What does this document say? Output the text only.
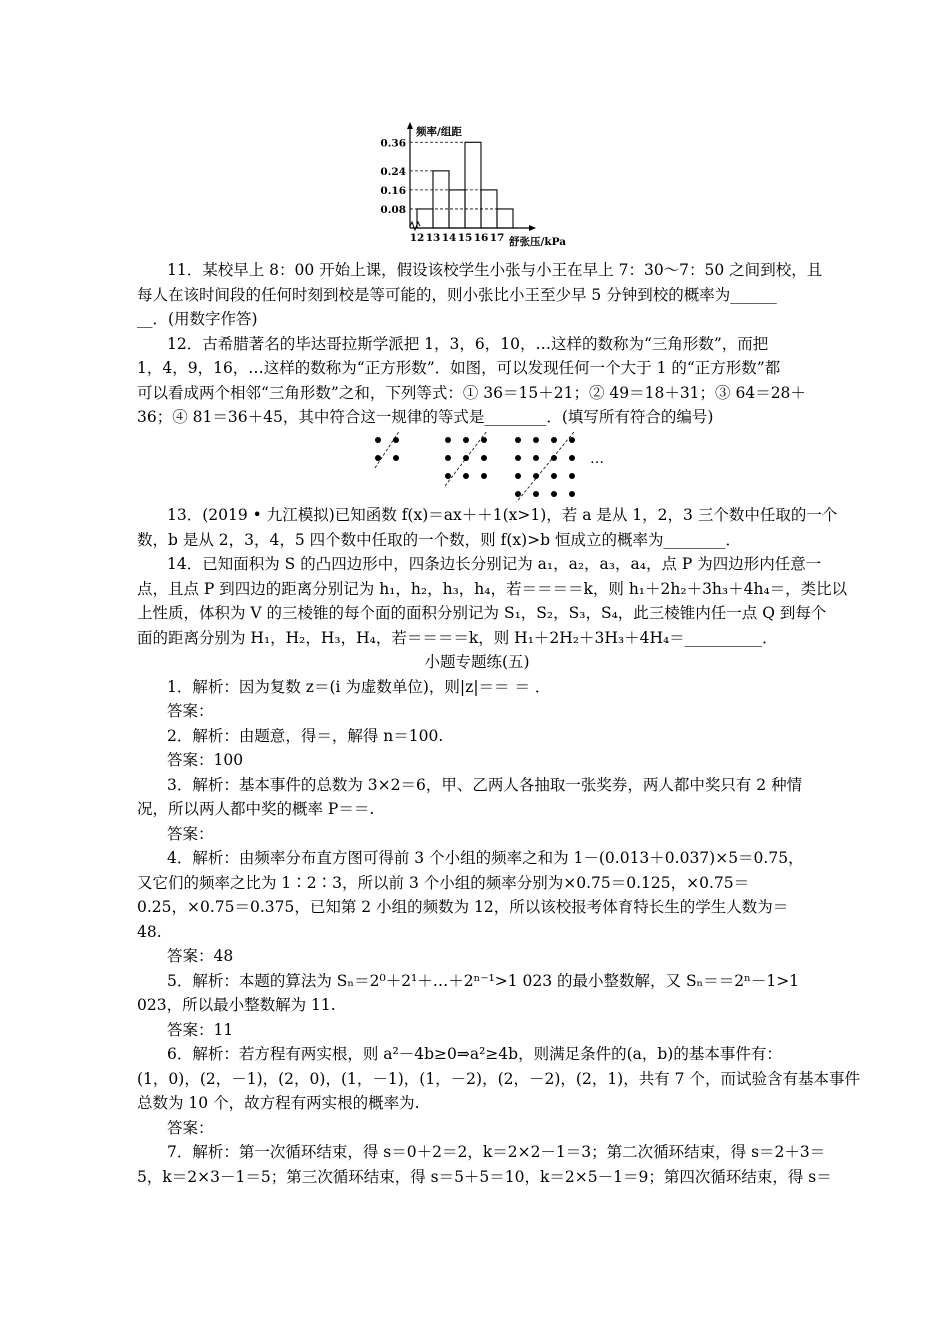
0.36
0.24
0.16
0.08
12 13 14 15 16 17
频率/组距
舒张压/kPa

11．某校早上 8：00 开始上课，假设该校学生小张与小王在早上 7：30～7：50 之间到校，且
每人在该时间段的任何时刻到校是等可能的，则小张比小王至少早 5 分钟到校的概率为______
__．(用数字作答)

12．古希腊著名的毕达哥拉斯学派把 1，3，6，10，…这样的数称为“三角形数”，而把
1，4，9，16，…这样的数称为“正方形数”．如图，可以发现任何一个大于 1 的“正方形数”都
可以看成两个相邻“三角形数”之和，下列等式：① 36＝15＋21；② 49＝18＋31；③ 64＝28＋
36；④ 81＝36＋45，其中符合这一规律的等式是________．(填写所有符合的编号)

…

13．(2019 • 九江模拟)已知函数 f(x)＝ax＋＋1(x>1)，若 a 是从 1，2，3 三个数中任取的一个
数，b 是从 2，3，4，5 四个数中任取的一个数，则 f(x)>b 恒成立的概率为________．

14．已知面积为 S 的凸四边形中，四条边长分别记为 a₁，a₂，a₃，a₄，点 P 为四边形内任意一
点，且点 P 到四边的距离分别记为 h₁，h₂，h₃，h₄，若＝＝＝＝k，则 h₁＋2h₂＋3h₃＋4h₄＝，类比以
上性质，体积为 V 的三棱锥的每个面的面积分别记为 S₁，S₂，S₃，S₄，此三棱锥内任一点 Q 到每个
面的距离分别为 H₁，H₂，H₃，H₄，若＝＝＝＝k，则 H₁＋2H₂＋3H₃＋4H₄＝__________．

小题专题练(五)
1．解析：因为复数 z＝(i 为虚数单位)，则|z|＝＝ ＝ ．
答案：
2．解析：由题意，得＝，解得 n＝100.
答案：100
3．解析：基本事件的总数为 3×2＝6，甲、乙两人各抽取一张奖券，两人都中奖只有 2 种情
况，所以两人都中奖的概率 P＝＝.
答案：
4．解析：由频率分布直方图可得前 3 个小组的频率之和为 1－(0.013＋0.037)×5＝0.75，
又它们的频率之比为 1∶2∶3，所以前 3 个小组的频率分别为×0.75＝0.125，×0.75＝
0.25，×0.75＝0.375，已知第 2 小组的频数为 12，所以该校报考体育特长生的学生人数为＝
48.
答案：48
5．解析：本题的算法为 Sₙ＝2⁰＋2¹＋…＋2ⁿ⁻¹>1 023 的最小整数解，又 Sₙ＝＝2ⁿ－1>1
023，所以最小整数解为 11.
答案：11
6．解析：若方程有两实根，则 a²－4b≥0⇒a²≥4b，则满足条件的(a，b)的基本事件有：
(1，0)，(2，－1)，(2，0)，(1，－1)，(1，－2)，(2，－2)，(2，1)，共有 7 个，而试验含有基本事件
总数为 10 个，故方程有两实根的概率为.
答案：
7．解析：第一次循环结束，得 s＝0＋2＝2，k＝2×2－1＝3；第二次循环结束，得 s＝2＋3＝
5，k＝2×3－1＝5；第三次循环结束，得 s＝5＋5＝10，k＝2×5－1＝9；第四次循环结束，得 s＝
